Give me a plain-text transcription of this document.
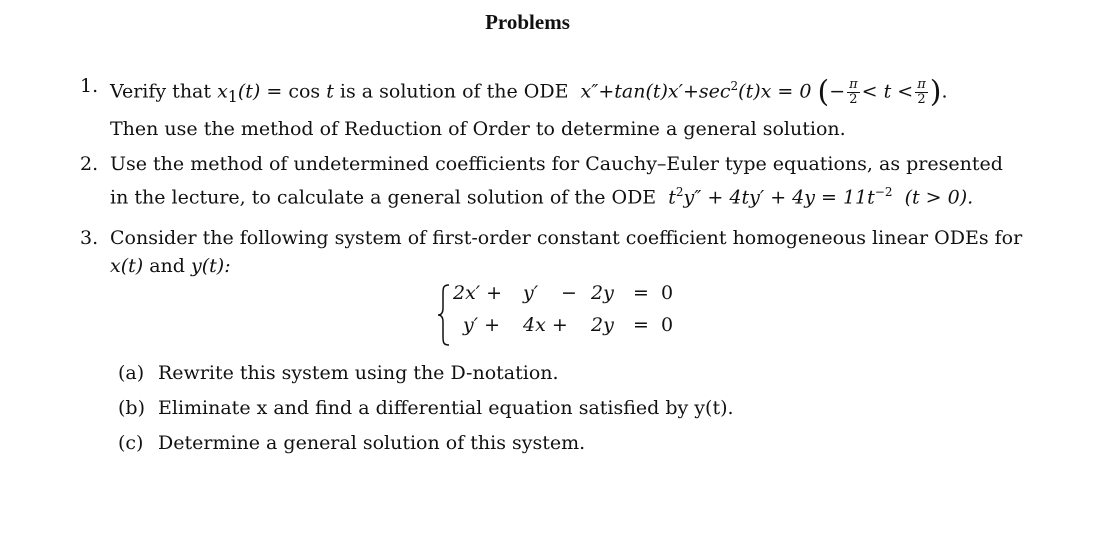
Problems
1. Verify that $x_1(t) = \cos t$ is a solution of the ODE $x''+\tan(t)x'+\sec^2(t)x = 0$ (− $\frac{\pi}{2} < t < \frac{\pi}{2}$ ).
Then use the method of Reduction of Order to determine a general solution.
2. Use the method of undetermined coefficients for Cauchy–Euler type equations, as presented
in the lecture, to calculate a general solution of the ODE $t^2y'' + 4ty' + 4y = 11t^{-2}$ (t > 0).
3. Consider the following system of first-order constant coefficient homogeneous linear ODEs for
x(t) and y(t):
2x′ + y′ − 2y = 0
y′ + 4x + 2y = 0
(a) Rewrite this system using the D-notation.
(b) Eliminate x and find a differential equation satisfied by y(t).
(c) Determine a general solution of this system.
